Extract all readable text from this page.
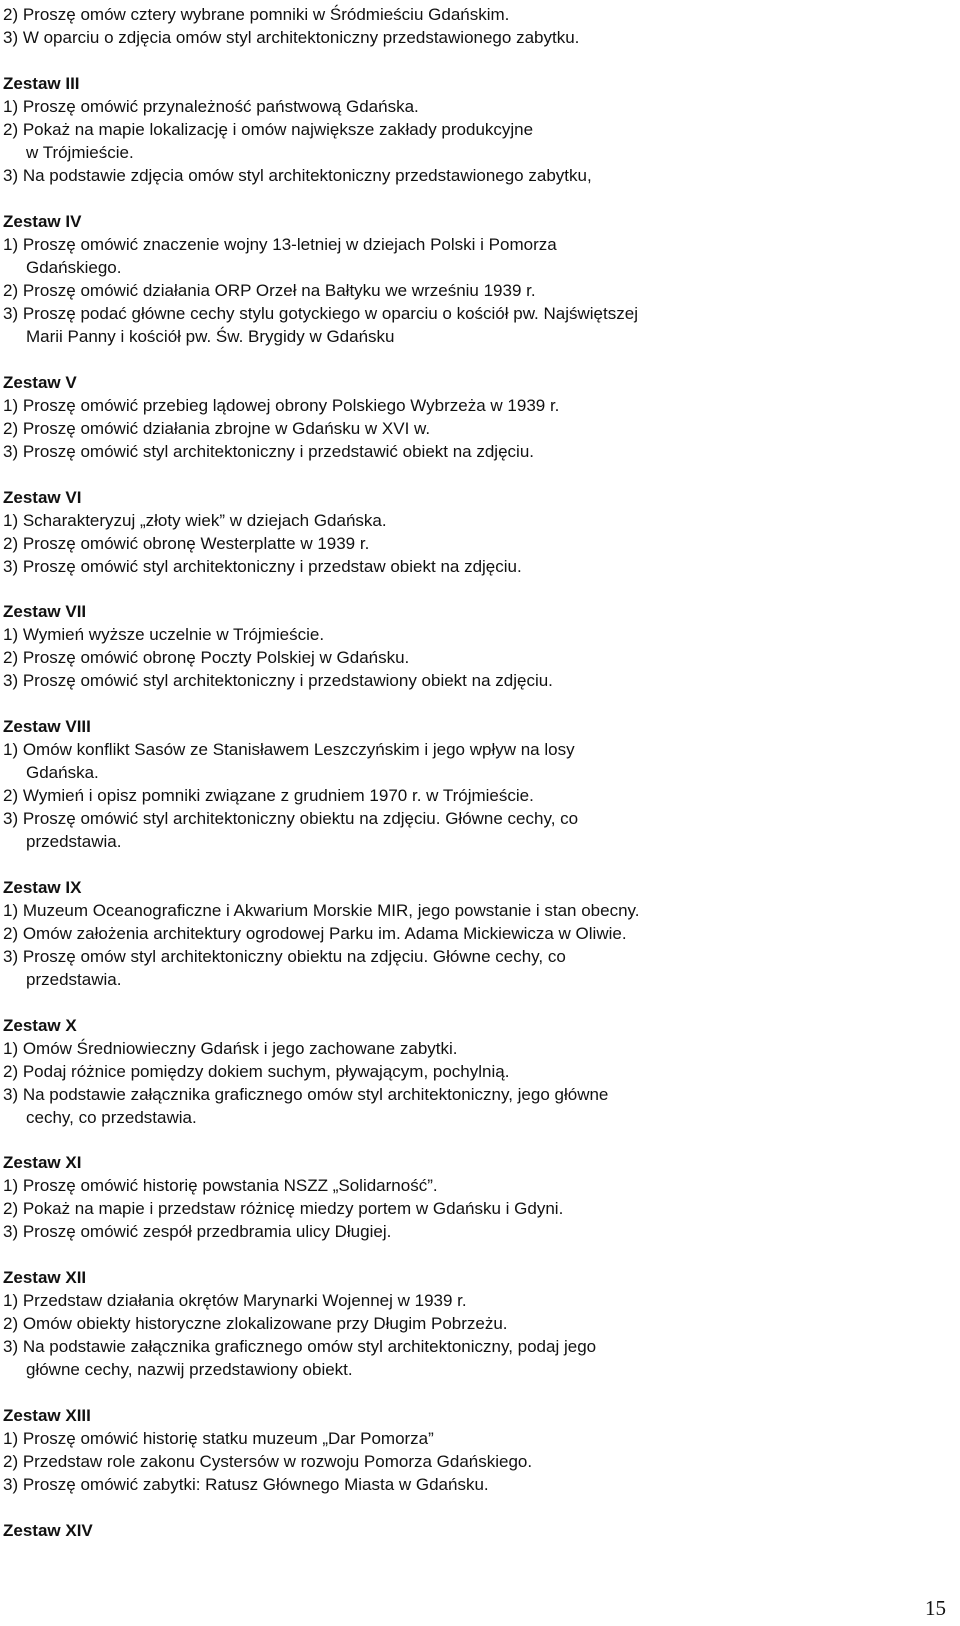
2) Proszę omów cztery wybrane pomniki w Śródmieściu Gdańskim.
3) W oparciu o zdjęcia omów styl architektoniczny przedstawionego zabytku.
Zestaw III
1) Proszę omówić przynależność państwową Gdańska.
2) Pokaż na mapie lokalizację i omów największe zakłady produkcyjne
w Trójmieście.
3) Na podstawie zdjęcia omów styl architektoniczny przedstawionego zabytku,
Zestaw IV
1) Proszę omówić znaczenie wojny 13-letniej w dziejach Polski i Pomorza
Gdańskiego.
2) Proszę omówić działania ORP Orzeł na Bałtyku we wrześniu 1939 r.
3) Proszę podać główne cechy stylu gotyckiego w oparciu o kościół pw. Najświętszej
Marii Panny i kościół pw. Św. Brygidy w Gdańsku
Zestaw V
1) Proszę omówić przebieg lądowej obrony Polskiego Wybrzeża w 1939 r.
2) Proszę omówić działania zbrojne w Gdańsku w XVI w.
3) Proszę omówić styl architektoniczny i przedstawić obiekt na zdjęciu.
Zestaw VI
1) Scharakteryzuj „złoty wiek” w dziejach Gdańska.
2) Proszę omówić obronę Westerplatte w 1939 r.
3) Proszę omówić styl architektoniczny i przedstaw obiekt na zdjęciu.
Zestaw VII
1) Wymień wyższe uczelnie w Trójmieście.
2) Proszę omówić obronę Poczty Polskiej w Gdańsku.
3) Proszę omówić styl architektoniczny i przedstawiony obiekt na zdjęciu.
Zestaw VIII
1) Omów konflikt Sasów ze Stanisławem Leszczyńskim i jego wpływ na losy
Gdańska.
2) Wymień i opisz pomniki związane z grudniem 1970 r. w Trójmieście.
3) Proszę omówić styl architektoniczny obiektu na zdjęciu. Główne cechy, co
przedstawia.
Zestaw IX
1) Muzeum Oceanograficzne i Akwarium Morskie MIR, jego powstanie i stan obecny.
2) Omów założenia architektury ogrodowej Parku im. Adama Mickiewicza w Oliwie.
3) Proszę omów styl architektoniczny obiektu na zdjęciu. Główne cechy, co
przedstawia.
Zestaw X
1) Omów Średniowieczny Gdańsk i jego zachowane zabytki.
2) Podaj różnice pomiędzy dokiem suchym, pływającym, pochylnią.
3) Na podstawie załącznika graficznego omów styl architektoniczny, jego główne
cechy, co przedstawia.
Zestaw XI
1) Proszę omówić historię powstania NSZZ „Solidarność”.
2) Pokaż na mapie i przedstaw różnicę miedzy portem w Gdańsku i Gdyni.
3) Proszę omówić zespół przedbramia ulicy Długiej.
Zestaw XII
1) Przedstaw działania okrętów Marynarki Wojennej w 1939 r.
2) Omów obiekty historyczne zlokalizowane przy Długim Pobrzeżu.
3) Na podstawie załącznika graficznego omów styl architektoniczny, podaj jego
główne cechy, nazwij przedstawiony obiekt.
Zestaw XIII
1) Proszę omówić historię statku muzeum „Dar Pomorza”
2) Przedstaw role zakonu Cystersów w rozwoju Pomorza Gdańskiego.
3) Proszę omówić zabytki: Ratusz Głównego Miasta w Gdańsku.
Zestaw XIV
15
